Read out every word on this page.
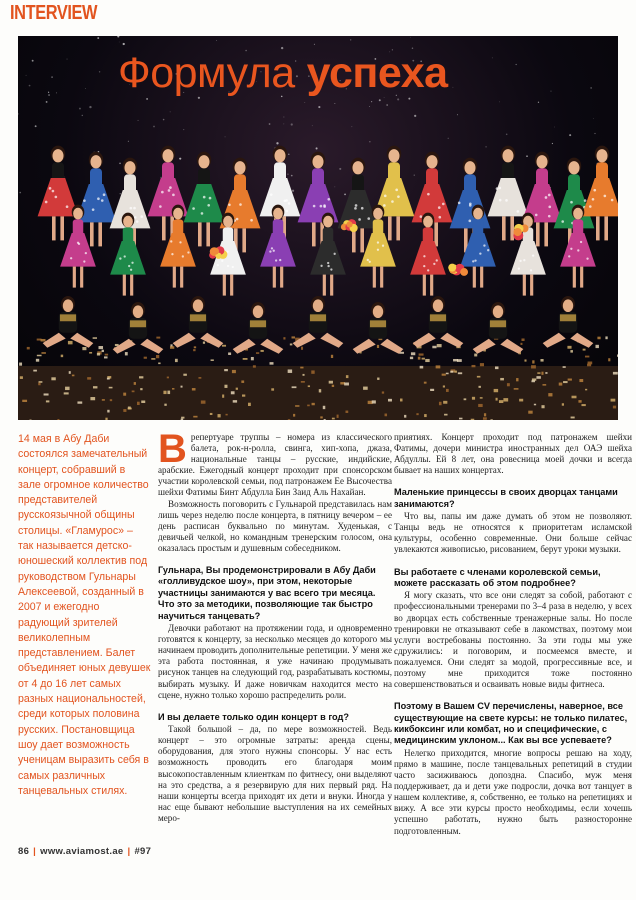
INTERVIEW
Формула успеха
14 мая в Абу Даби состоялся замечательный концерт, собравший в зале огромное количество представителей русскоязычной общины столицы. «Гламурос» – так называется детско-юношеский коллектив под руководством Гульнары Алексеевой, созданный в 2007 и ежегодно радующий зрителей великолепным представлением. Балет объединяет юных девушек от 4 до 16 лет самых разных национальностей, среди которых половина русских. Постановщица шоу дает возможность ученицам выразить себя в самых различных танцевальных стилях.

Врепертуаре труппы – номера из классического балета, рок-н-ролла, свинга, хип-хопа, джаза, национальные танцы – русские, индийские, арабские. Ежегодный концерт проходит при спонсорском участии королевской семьи, под патронажем Ее Высочества шейхи Фатимы Бинт Абдулла Бин Заид Аль Нахайан.

Возможность поговорить с Гульнарой представилась нам лишь через неделю после концерта, в пятницу вечером – ее день расписан буквально по минутам. Худенькая, с девичьей челкой, но командным тренерским голосом, она оказалась простым и душевным собеседником.

Гульнара, Вы продемонстрировали в Абу Даби «голливудское шоу», при этом, некоторые участницы занимаются у вас всего три месяца. Что это за методики, позволяющие так быстро научиться танцевать?

Девочки работают на протяжении года, и одновременно готовятся к концерту, за несколько месяцев до которого мы начинаем проводить дополнительные репетиции. У меня же эта работа постоянная, я уже начинаю продумывать рисунок танцев на следующий год, разрабатывать костюмы, выбирать музыку. И даже новичкам находится место на сцене, нужно только хорошо распределить роли.

И вы делаете только один концерт в год?

Такой большой – да, по мере возможностей. Ведь концерт – это огромные затраты: аренда сцены, оборудования, для этого нужны спонсоры. У нас есть возможность проводить его благодаря моим высокопоставленным клиенткам по фитнесу, они выделяют на это средства, а я резервирую для них первый ряд. На наши концерты всегда приходят их дети и внуки. Иногда у нас еще бывают небольшие выступления на их семейных меро-

приятиях. Концерт проходит под патронажем шейхи Фатимы, дочери министра иностранных дел ОАЭ шейха Абдуллы. Ей 8 лет, она ровесница моей дочки и всегда бывает на наших концертах.

Маленькие принцессы в своих дворцах танцами занимаются?

Что вы, папы им даже думать об этом не позволяют. Танцы ведь не относятся к приоритетам исламской культуры, особенно современные. Они больше сейчас увлекаются живописью, рисованием, берут уроки музыки.

Вы работаете с членами королевской семьи, можете рассказать об этом подробнее?

Я могу сказать, что все они следят за собой, работают с профессиональными тренерами по 3–4 раза в неделю, у всех во дворцах есть собственные тренажерные залы. Но после тренировки не отказывают себе в лакомствах, поэтому мои услуги востребованы постоянно. За эти годы мы уже сдружились: и поговорим, и посмеемся вместе, и пожалуемся. Они следят за модой, прогрессивные все, и поэтому мне приходится тоже постоянно совершенствоваться и осваивать новые виды фитнеса.

Поэтому в Вашем CV перечислены, наверное, все существующие на свете курсы: не только пилатес, кикбоксинг или комбат, но и специфические, с медицинским уклоном... Как вы все успеваете?

Нелегко приходится, многие вопросы решаю на ходу, прямо в машине, после танцевальных репетиций в студии часто засиживаюсь допоздна. Спасибо, муж меня поддерживает, да и дети уже подросли, дочка вот танцует в нашем коллективе, я, собственно, ее только на репетициях и вижу. А все эти курсы просто необходимы, если хочешь успешно работать, нужно быть разносторонне подготовленным.

86 | www.aviamost.ae | #97
